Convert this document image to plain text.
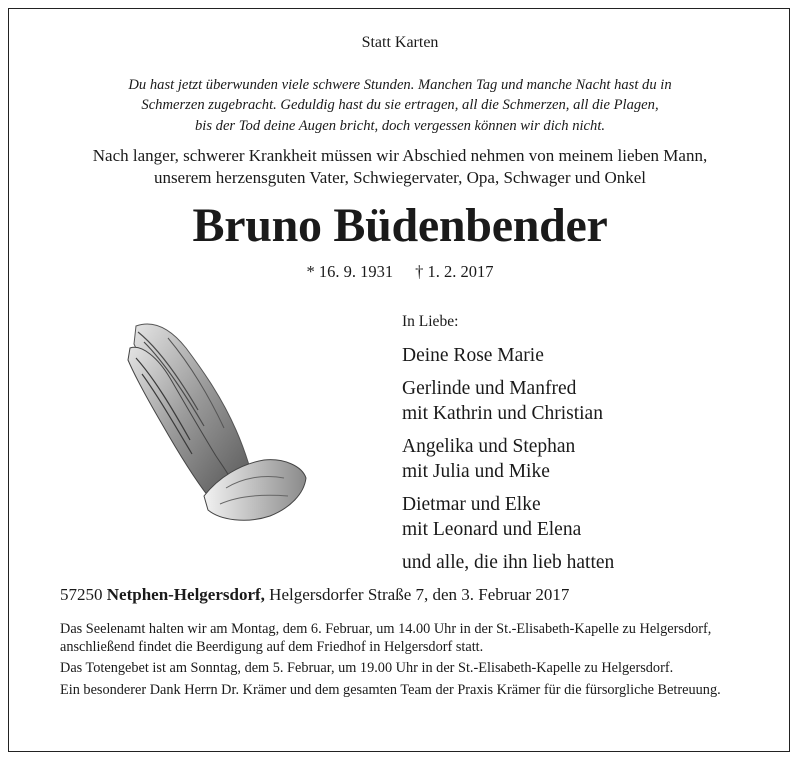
Statt Karten
Du hast jetzt überwunden viele schwere Stunden. Manchen Tag und manche Nacht hast du in
Schmerzen zugebracht. Geduldig hast du sie ertragen, all die Schmerzen, all die Plagen,
bis der Tod deine Augen bricht, doch vergessen können wir dich nicht.
Nach langer, schwerer Krankheit müssen wir Abschied nehmen von meinem lieben Mann,
unserem herzensguten Vater, Schwiegervater, Opa, Schwager und Onkel
Bruno Büdenbender
* 16. 9. 1931 † 1. 2. 2017
In Liebe:
Deine Rose Marie
Gerlinde und Manfred
mit Kathrin und Christian
Angelika und Stephan
mit Julia und Mike
Dietmar und Elke
mit Leonard und Elena
und alle, die ihn lieb hatten
57250 Netphen-Helgersdorf, Helgersdorfer Straße 7, den 3. Februar 2017

Das Seelenamt halten wir am Montag, dem 6. Februar, um 14.00 Uhr in der St.-Elisabeth-Kapelle zu Helgersdorf, anschließend findet die Beerdigung auf dem Friedhof in Helgersdorf statt.

Das Totengebet ist am Sonntag, dem 5. Februar, um 19.00 Uhr in der St.-Elisabeth-Kapelle zu Helgersdorf.

Ein besonderer Dank Herrn Dr. Krämer und dem gesamten Team der Praxis Krämer für die fürsorgliche Betreuung.
